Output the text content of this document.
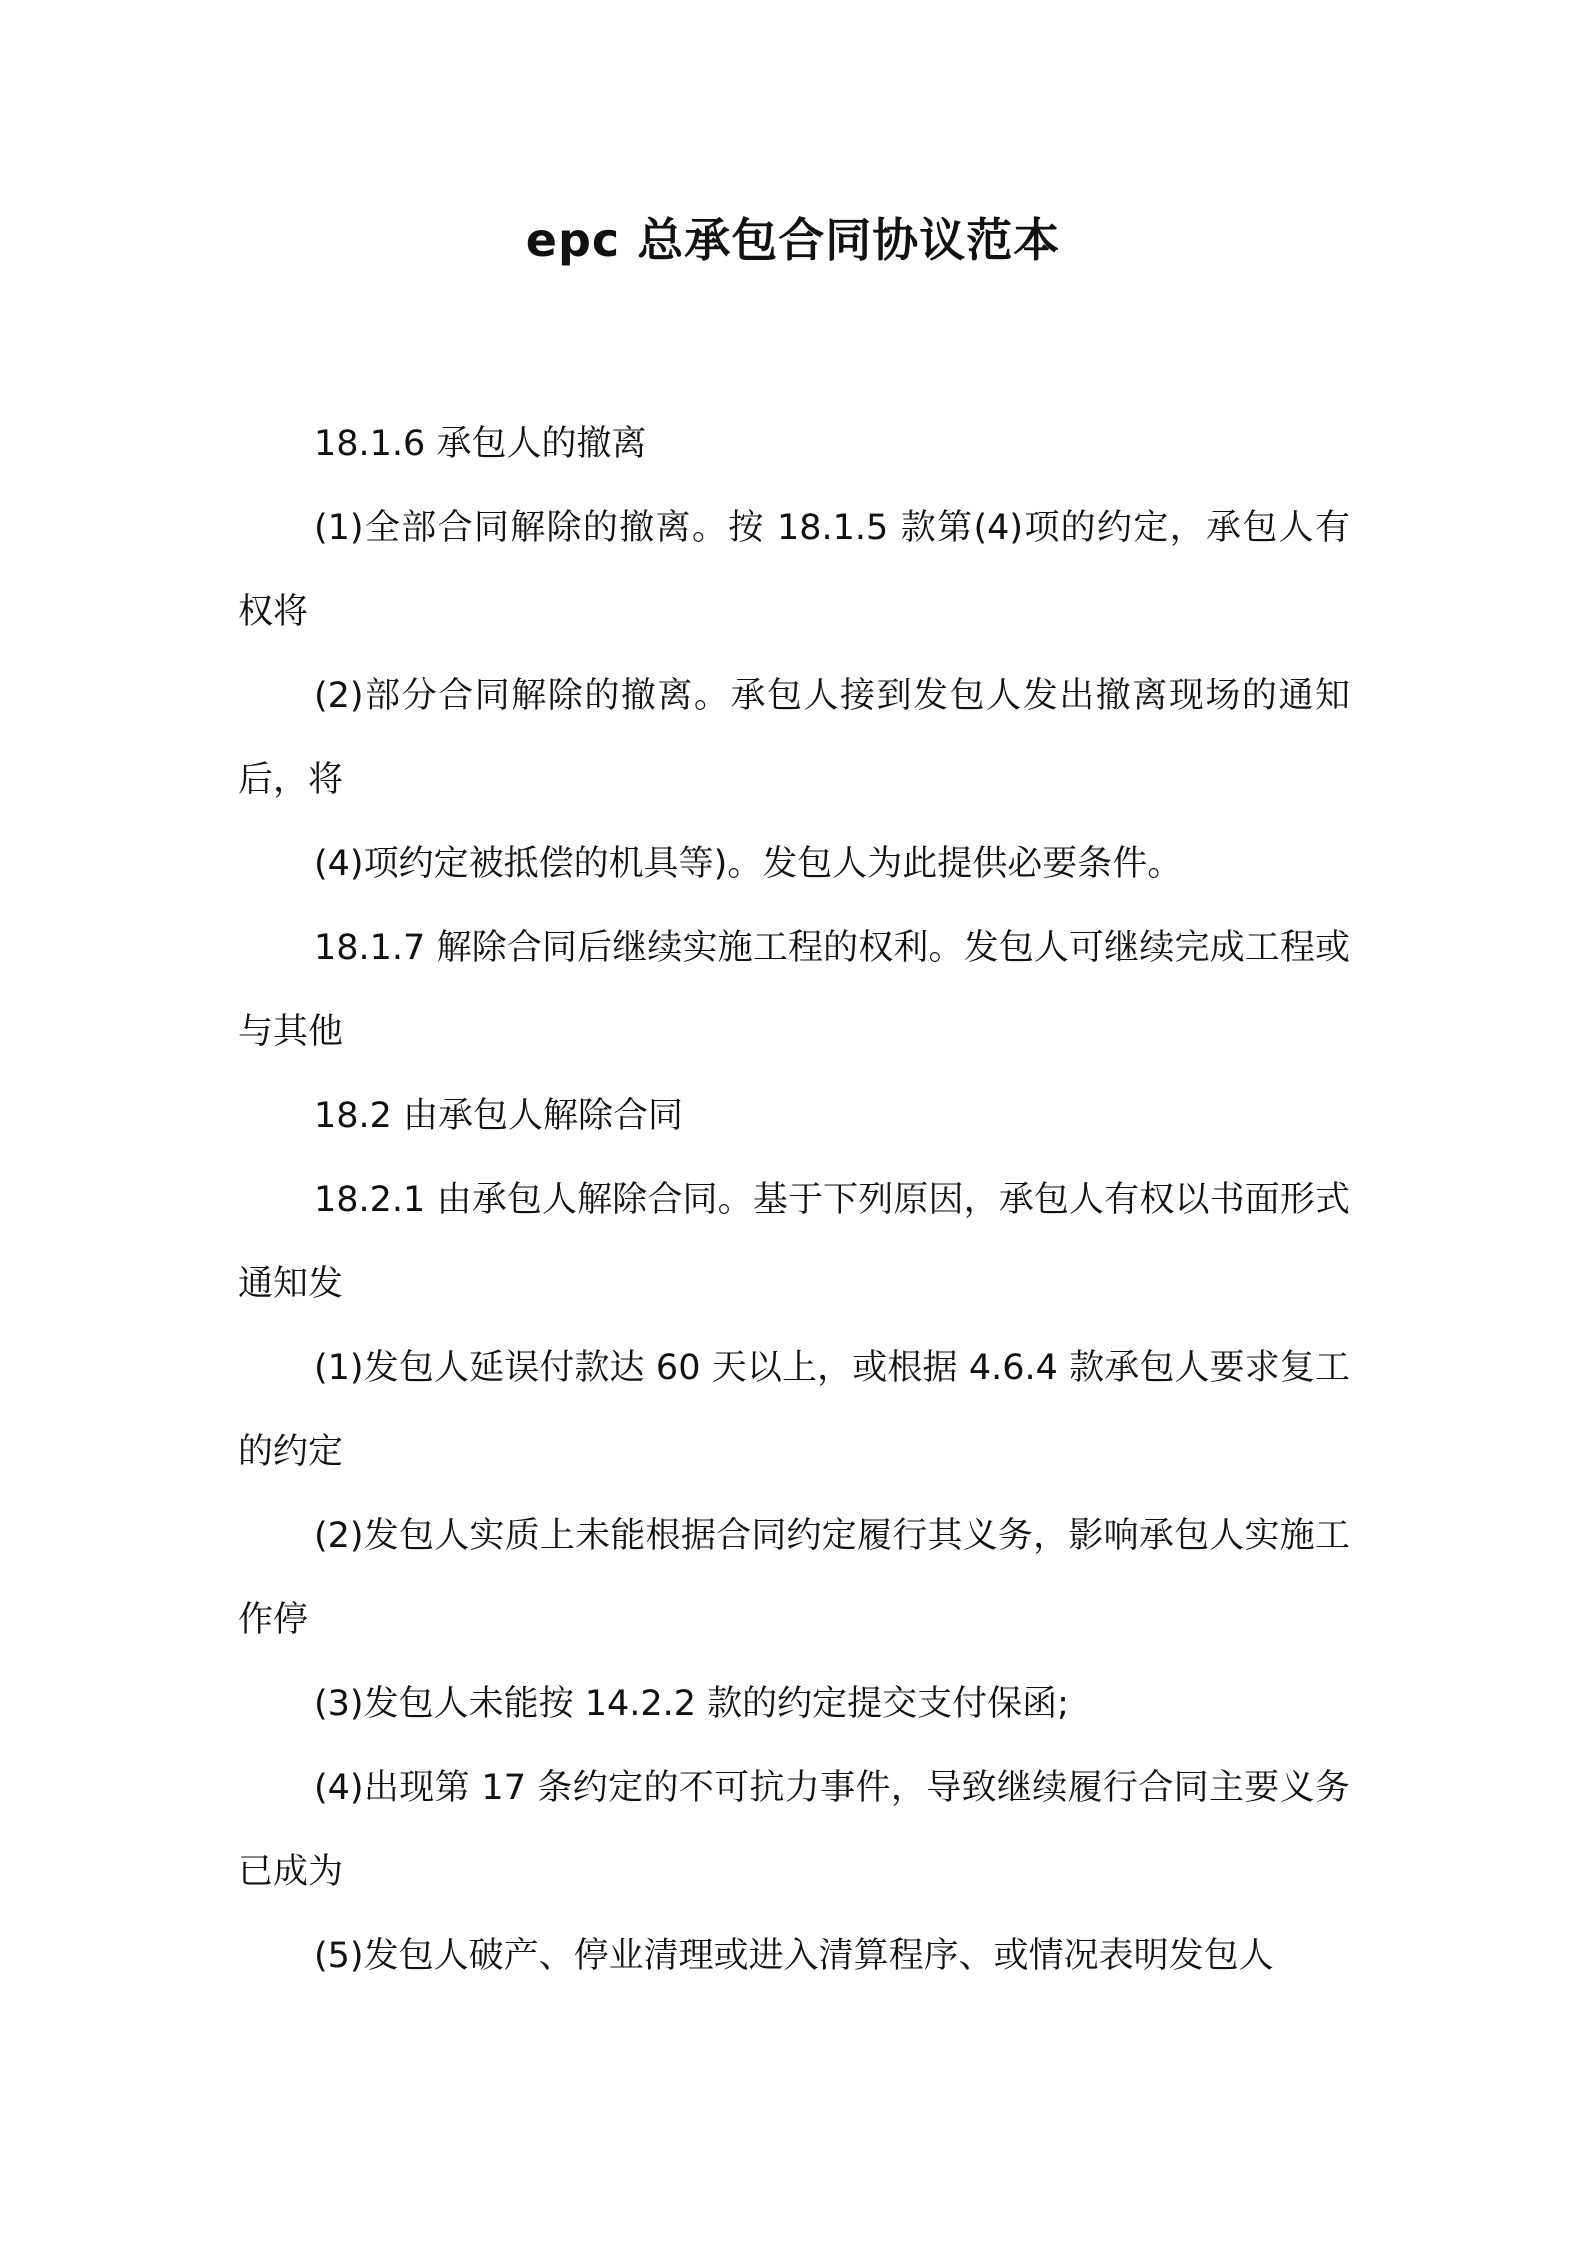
epc 总承包合同协议范本

18.1.6 承包人的撤离

(1)全部合同解除的撤离。按 18.1.5 款第(4)项的约定，承包人有权将

(2)部分合同解除的撤离。承包人接到发包人发出撤离现场的通知后，将

(4)项约定被抵偿的机具等)。发包人为此提供必要条件。

18.1.7 解除合同后继续实施工程的权利。发包人可继续完成工程或与其他

18.2 由承包人解除合同

18.2.1 由承包人解除合同。基于下列原因，承包人有权以书面形式通知发

(1)发包人延误付款达 60 天以上，或根据 4.6.4 款承包人要求复工的约定

(2)发包人实质上未能根据合同约定履行其义务，影响承包人实施工作停

(3)发包人未能按 14.2.2 款的约定提交支付保函;

(4)出现第 17 条约定的不可抗力事件，导致继续履行合同主要义务已成为

(5)发包人破产、停业清理或进入清算程序、或情况表明发包人
